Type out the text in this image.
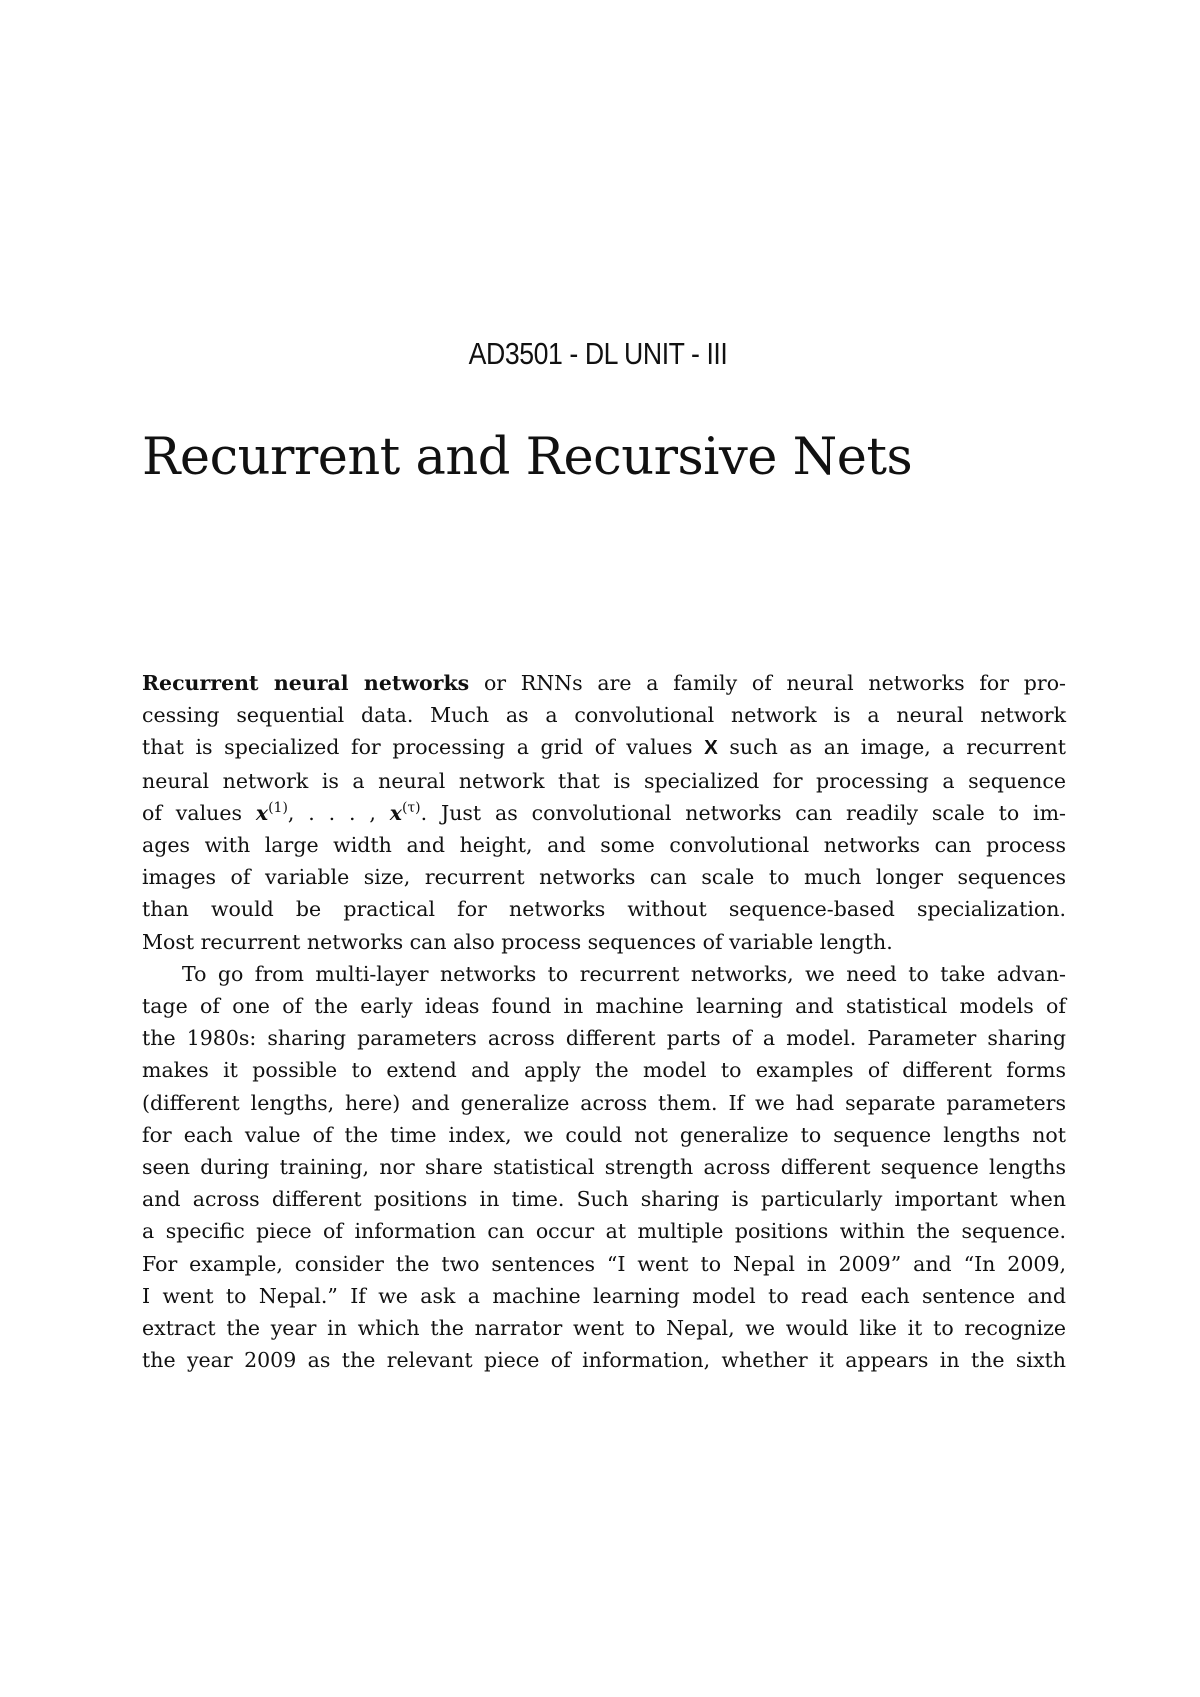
AD3501 - DL UNIT - III
Recurrent and Recursive Nets
Recurrent neural networks or RNNs are a family of neural networks for pro-
cessing sequential data. Much as a convolutional network is a neural network
that is specialized for processing a grid of values X such as an image, a recurrent
neural network is a neural network that is specialized for processing a sequence
of values $x^{(1)}$, . . . , $x^{(\tau)}$. Just as convolutional networks can readily scale to im-
ages with large width and height, and some convolutional networks can process
images of variable size, recurrent networks can scale to much longer sequences
than would be practical for networks without sequence-based specialization.
Most recurrent networks can also process sequences of variable length.
To go from multi-layer networks to recurrent networks, we need to take advan-
tage of one of the early ideas found in machine learning and statistical models of
the 1980s: sharing parameters across different parts of a model. Parameter sharing
makes it possible to extend and apply the model to examples of different forms
(different lengths, here) and generalize across them. If we had separate parameters
for each value of the time index, we could not generalize to sequence lengths not
seen during training, nor share statistical strength across different sequence lengths
and across different positions in time. Such sharing is particularly important when
a specific piece of information can occur at multiple positions within the sequence.
For example, consider the two sentences “I went to Nepal in 2009” and “In 2009,
I went to Nepal.” If we ask a machine learning model to read each sentence and
extract the year in which the narrator went to Nepal, we would like it to recognize
the year 2009 as the relevant piece of information, whether it appears in the sixth
